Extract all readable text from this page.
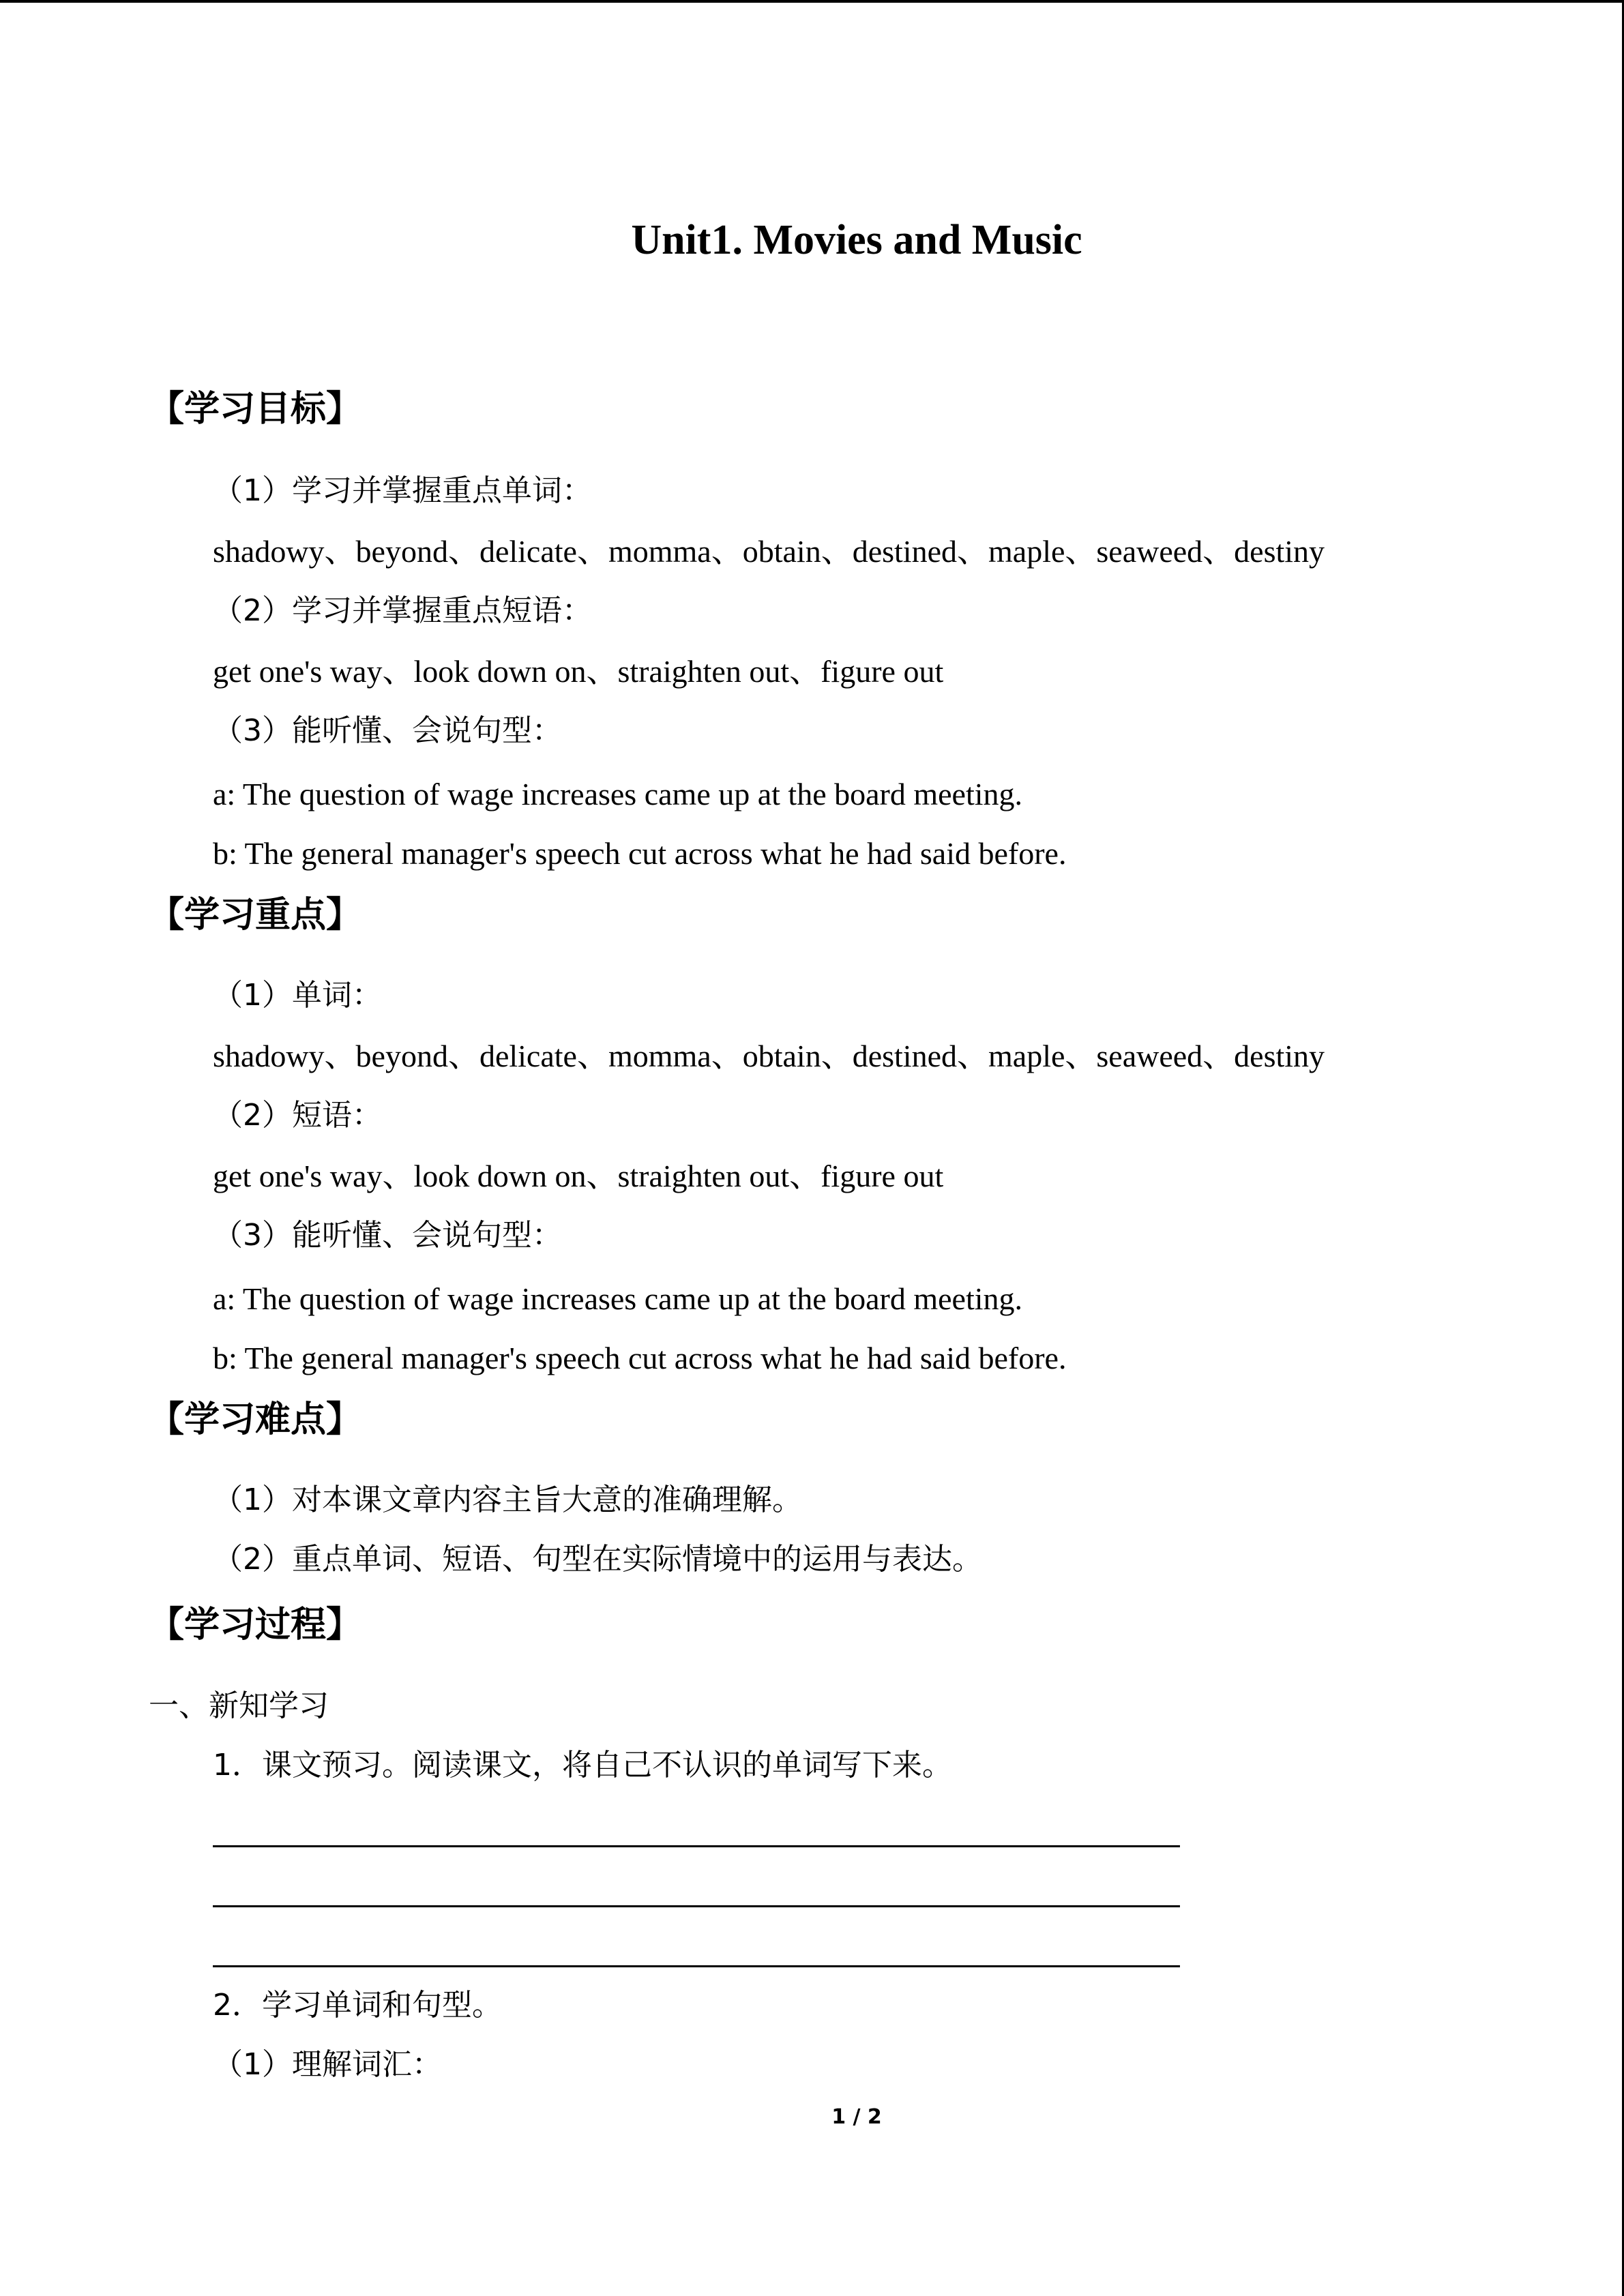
Unit1. Movies and Music
【学习目标】
（1）学习并掌握重点单词：
shadowy、beyond、delicate、momma、obtain、destined、maple、seaweed、destiny
（2）学习并掌握重点短语：
get one's way、look down on、straighten out、figure out
（3）能听懂、会说句型：
a: The question of wage increases came up at the board meeting.
b: The general manager's speech cut across what he had said before.
【学习重点】
（1）单词：
shadowy、beyond、delicate、momma、obtain、destined、maple、seaweed、destiny
（2）短语：
get one's way、look down on、straighten out、figure out
（3）能听懂、会说句型：
a: The question of wage increases came up at the board meeting.
b: The general manager's speech cut across what he had said before.
【学习难点】
（1）对本课文章内容主旨大意的准确理解。
（2）重点单词、短语、句型在实际情境中的运用与表达。
【学习过程】
一、新知学习
1．课文预习。阅读课文，将自己不认识的单词写下来。
2．学习单词和句型。
（1）理解词汇：
1 / 2
